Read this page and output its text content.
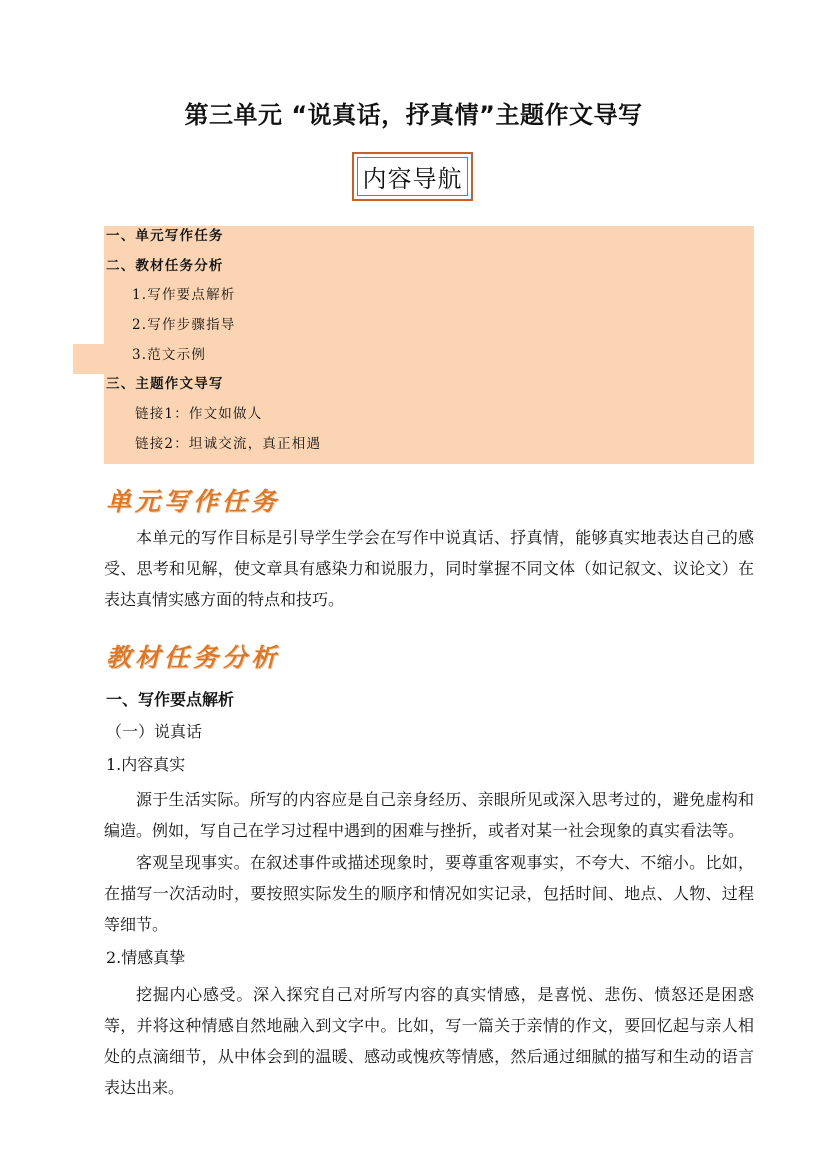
第三单元 “说真话，抒真情”主题作文导写
内容导航
一、单元写作任务
二、教材任务分析
1.写作要点解析
2.写作步骤指导
3.范文示例
三、主题作文导写
链接1：作文如做人
链接2：坦诚交流，真正相遇
单元写作任务
本单元的写作目标是引导学生学会在写作中说真话、抒真情，能够真实地表达自己的感受、思考和见解，使文章具有感染力和说服力，同时掌握不同文体（如记叙文、议论文）在表达真情实感方面的特点和技巧。
教材任务分析
一、写作要点解析
（一）说真话
1.内容真实
源于生活实际。所写的内容应是自己亲身经历、亲眼所见或深入思考过的，避免虚构和编造。例如，写自己在学习过程中遇到的困难与挫折，或者对某一社会现象的真实看法等。
客观呈现事实。在叙述事件或描述现象时，要尊重客观事实，不夸大、不缩小。比如，在描写一次活动时，要按照实际发生的顺序和情况如实记录，包括时间、地点、人物、过程等细节。
2.情感真挚
挖掘内心感受。深入探究自己对所写内容的真实情感，是喜悦、悲伤、愤怒还是困惑等，并将这种情感自然地融入到文字中。比如，写一篇关于亲情的作文，要回忆起与亲人相处的点滴细节，从中体会到的温暖、感动或愧疚等情感，然后通过细腻的描写和生动的语言表达出来。
